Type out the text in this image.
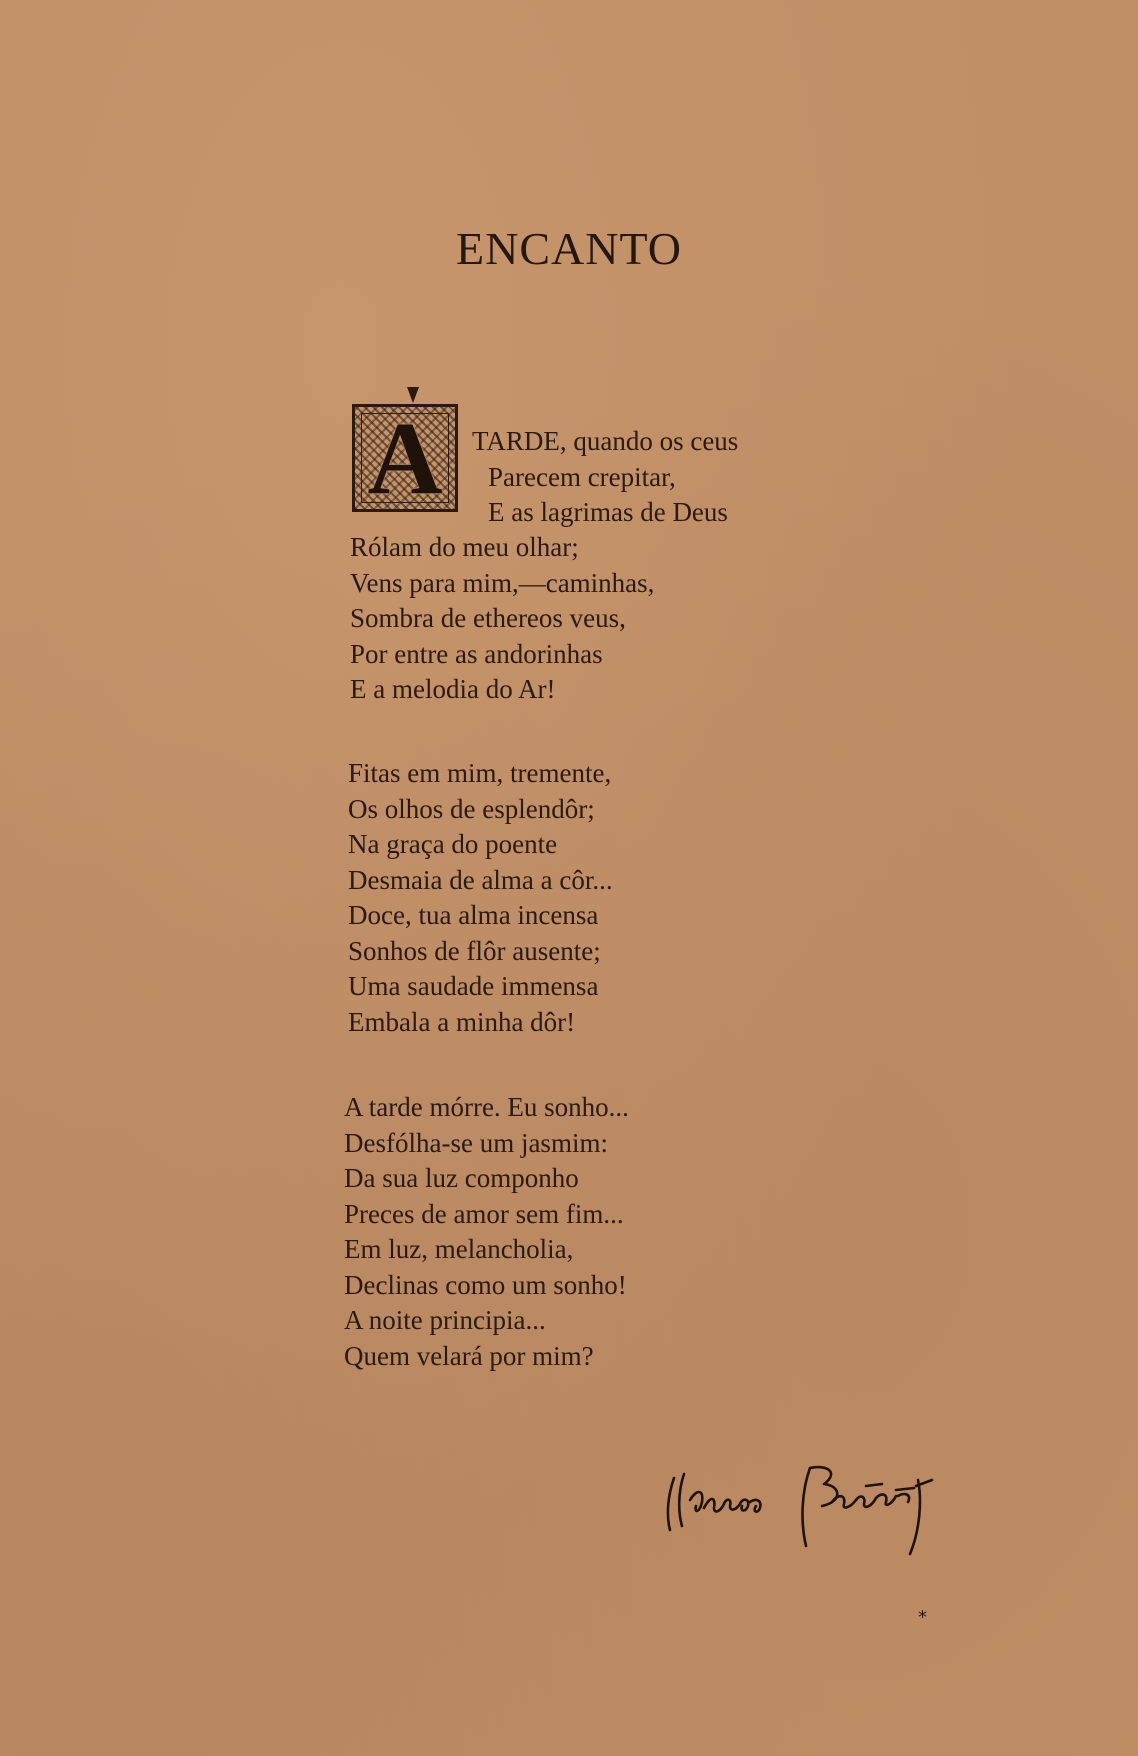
ENCANTO
A	TARDE, quando os ceus
Parecem crepitar,
E as lagrimas de Deus
Rólam do meu olhar;
Vens para mim,—caminhas,
Sombra de ethereos veus,
Por entre as andorinhas
E a melodia do Ar!
Fitas em mim, tremente,
Os olhos de esplendôr;
Na graça do poente
Desmaia de alma a côr...
Doce, tua alma incensa
Sonhos de flôr ausente;
Uma saudade immensa
Embala a minha dôr!
A tarde mórre. Eu sonho...
Desfólha-se um jasmim:
Da sua luz componho
Preces de amor sem fim...
Em luz, melancholia,
Declinas como um sonho!
A noite principia...
Quem velará por mim?
*
